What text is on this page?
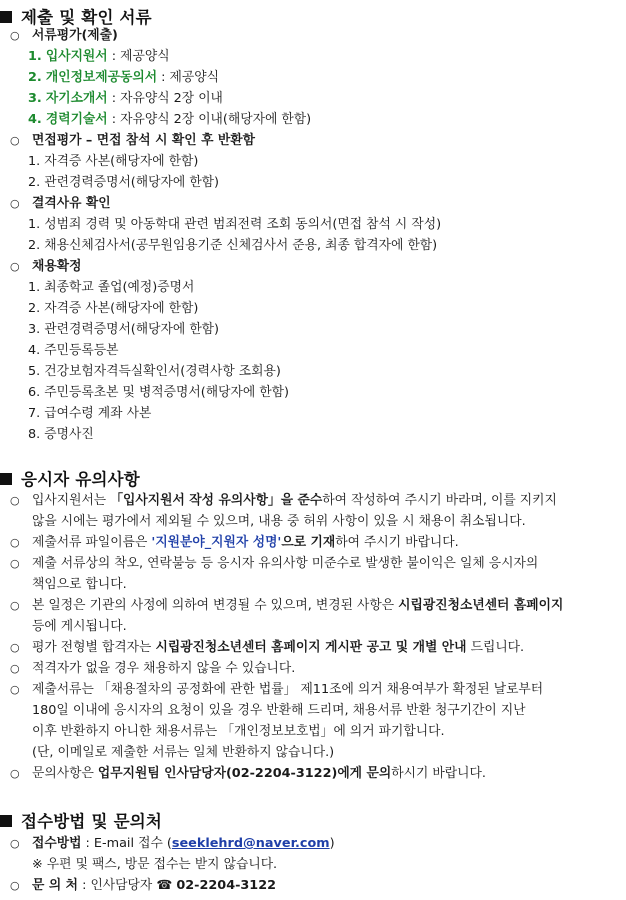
제출 및 확인 서류
○ 서류평가(제출)
1. 입사지원서 : 제공양식
2. 개인정보제공동의서 : 제공양식
3. 자기소개서 : 자유양식 2장 이내
4. 경력기술서 : 자유양식 2장 이내(해당자에 한함)
○ 면접평가 – 면접 참석 시 확인 후 반환함
1. 자격증 사본(해당자에 한함)
2. 관련경력증명서(해당자에 한함)
○ 결격사유 확인
1. 성범죄 경력 및 아동학대 관련 범죄전력 조회 동의서(면접 참석 시 작성)
2. 채용신체검사서(공무원임용기준 신체검사서 준용, 최종 합격자에 한함)
○ 채용확정
1. 최종학교 졸업(예정)증명서
2. 자격증 사본(해당자에 한함)
3. 관련경력증명서(해당자에 한함)
4. 주민등록등본
5. 건강보험자격득실확인서(경력사항 조회용)
6. 주민등록초본 및 병적증명서(해당자에 한함)
7. 급여수령 계좌 사본
8. 증명사진
응시자 유의사항
○ 입사지원서는 「입사지원서 작성 유의사항」을 준수하여 작성하여 주시기 바라며, 이를 지키지
않을 시에는 평가에서 제외될 수 있으며, 내용 중 허위 사항이 있을 시 채용이 취소됩니다.
○ 제출서류 파일이름은 '지원분야_지원자 성명'으로 기재하여 주시기 바랍니다.
○ 제출 서류상의 착오, 연락불능 등 응시자 유의사항 미준수로 발생한 불이익은 일체 응시자의
책임으로 합니다.
○ 본 일정은 기관의 사정에 의하여 변경될 수 있으며, 변경된 사항은 시립광진청소년센터 홈페이지
등에 게시됩니다.
○ 평가 전형별 합격자는 시립광진청소년센터 홈페이지 게시판 공고 및 개별 안내 드립니다.
○ 적격자가 없을 경우 채용하지 않을 수 있습니다.
○ 제출서류는 「채용절차의 공정화에 관한 법률」 제11조에 의거 채용여부가 확정된 날로부터
180일 이내에 응시자의 요청이 있을 경우 반환해 드리며, 채용서류 반환 청구기간이 지난
이후 반환하지 아니한 채용서류는 「개인정보보호법」에 의거 파기합니다.
(단, 이메일로 제출한 서류는 일체 반환하지 않습니다.)
○ 문의사항은 업무지원팀 인사담당자(02-2204-3122)에게 문의하시기 바랍니다.
접수방법 및 문의처
○ 접수방법 : E-mail 접수 (seeklehrd@naver.com)
※ 우편 및 팩스, 방문 접수는 받지 않습니다.
○ 문 의 처 : 인사담당자 ☎ 02-2204-3122
